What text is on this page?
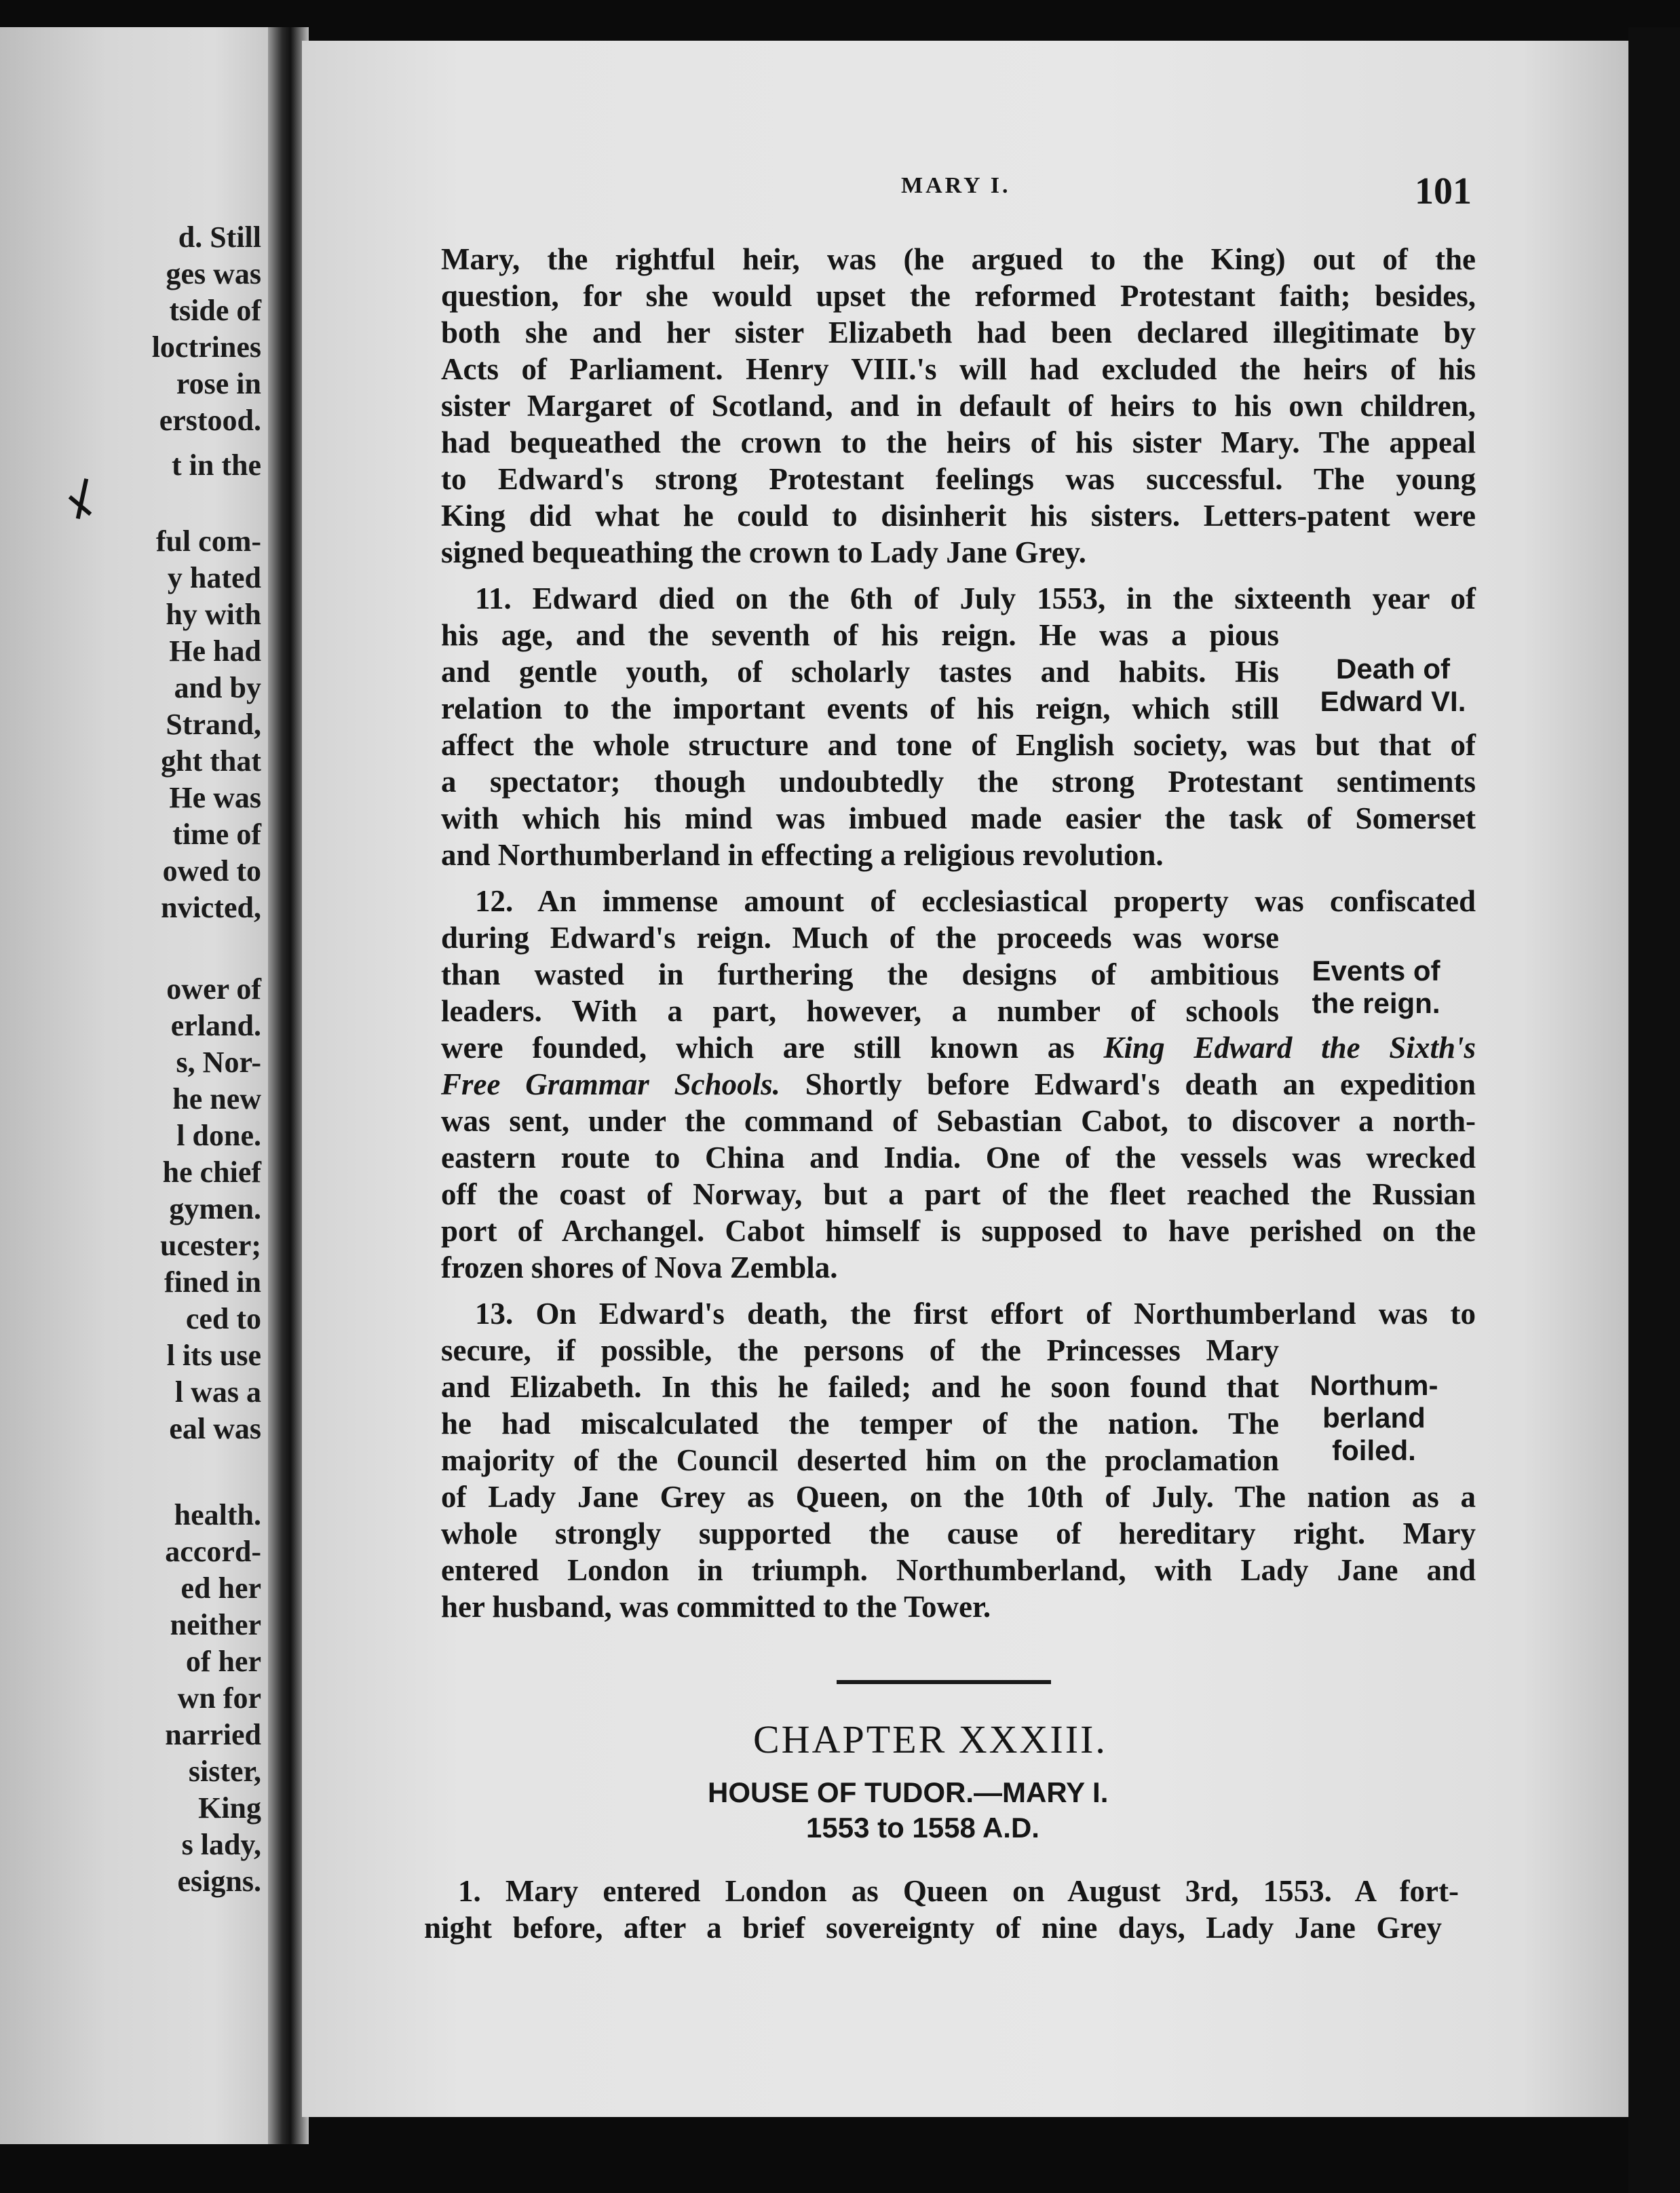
d. Still
ges was
tside of
loctrines
rose in
erstood.
t in the
ful com-
y hated
hy with
He had
and by
Strand,
ght that
He was
time of
owed to
nvicted,
ower of
erland.
s, Nor-
he new
l done.
he chief
gymen.
ucester;
fined in
ced to
l its use
l was a
eal was
health.
accord-
ed her
neither
of her
wn for
narried
sister,
King
s lady,
esigns.
MARY I.	101
Mary, the rightful heir, was (he argued to the King) out of the
question, for she would upset the reformed Protestant faith; besides,
both she and her sister Elizabeth had been declared illegitimate by
Acts of Parliament. Henry VIII.'s will had excluded the heirs of his
sister Margaret of Scotland, and in default of heirs to his own children,
had bequeathed the crown to the heirs of his sister Mary. The appeal
to Edward's strong Protestant feelings was successful. The young
King did what he could to disinherit his sisters. Letters-patent were
signed bequeathing the crown to Lady Jane Grey.
11. Edward died on the 6th of July 1553, in the sixteenth year of
his age, and the seventh of his reign. He was a pious
and gentle youth, of scholarly tastes and habits. His
relation to the important events of his reign, which still
affect the whole structure and tone of English society, was but that of
a spectator; though undoubtedly the strong Protestant sentiments
with which his mind was imbued made easier the task of Somerset
and Northumberland in effecting a religious revolution.
12. An immense amount of ecclesiastical property was confiscated
during Edward's reign. Much of the proceeds was worse
than wasted in furthering the designs of ambitious
leaders. With a part, however, a number of schools
were founded, which are still known as King Edward the Sixth's
Free Grammar Schools. Shortly before Edward's death an expedition
was sent, under the command of Sebastian Cabot, to discover a north-
eastern route to China and India. One of the vessels was wrecked
off the coast of Norway, but a part of the fleet reached the Russian
port of Archangel. Cabot himself is supposed to have perished on the
frozen shores of Nova Zembla.
13. On Edward's death, the first effort of Northumberland was to
secure, if possible, the persons of the Princesses Mary
and Elizabeth. In this he failed; and he soon found that
he had miscalculated the temper of the nation. The
majority of the Council deserted him on the proclamation
of Lady Jane Grey as Queen, on the 10th of July. The nation as a
whole strongly supported the cause of hereditary right. Mary
entered London in triumph. Northumberland, with Lady Jane and
her husband, was committed to the Tower.
Death of
Edward VI.
Events of
the reign.
Northum-
berland
foiled.
CHAPTER XXXIII.
HOUSE OF TUDOR.—MARY I.
1553 to 1558 A.D.
1. Mary entered London as Queen on August 3rd, 1553. A fort-
night before, after a brief sovereignty of nine days, Lady Jane Grey
